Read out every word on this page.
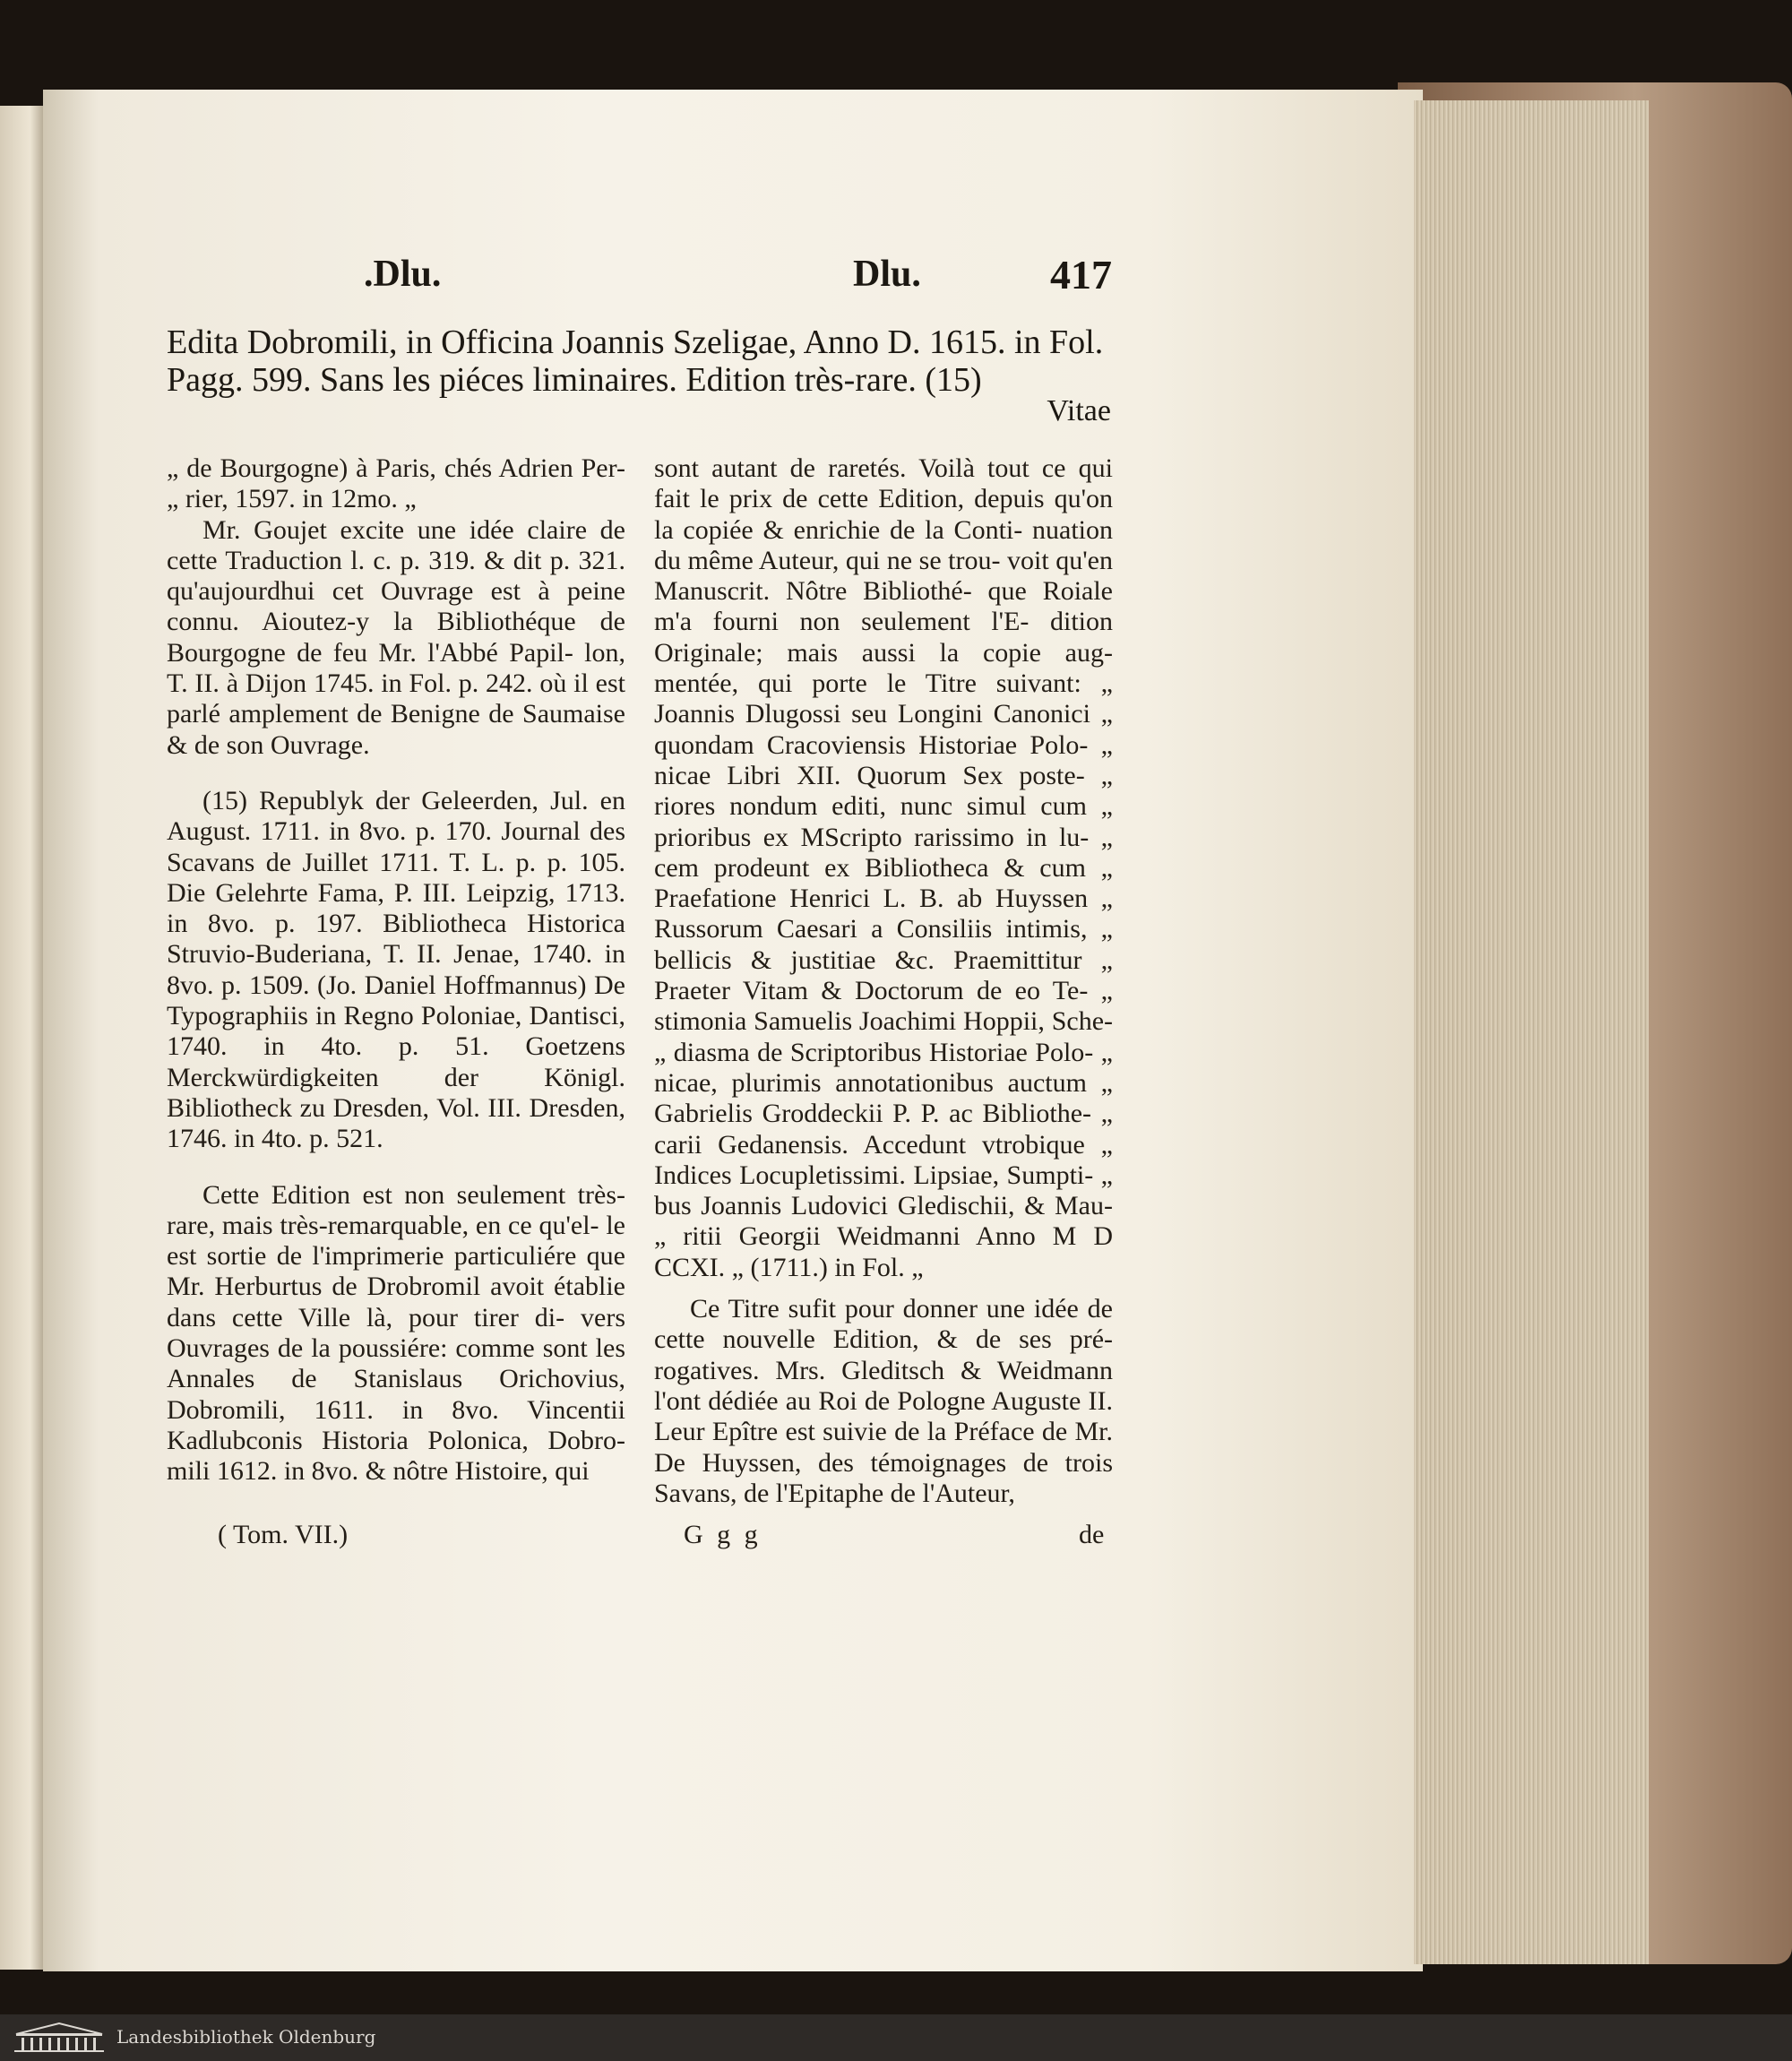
.Dlu.	Dlu.	417
Edita Dobromili, in Officina Joannis Szeligae, Anno D. 1615. in Fol.
Pagg. 599. Sans les piéces liminaires. Edition très-rare. (15)
Vitae

„ de Bourgogne) à Paris, chés Adrien Per- „ rier, 1597. in 12mo. „

Mr. Goujet excite une idée claire de cette Traduction l. c. p. 319. & dit p. 321. qu'aujourdhui cet Ouvrage est à peine connu. Aioutez-y la Bibliothéque de Bourgogne de feu Mr. l'Abbé Papil- lon, T. II. à Dijon 1745. in Fol. p. 242. où il est parlé amplement de Benigne de Saumaise & de son Ouvrage.

(15) Republyk der Geleerden, Jul. en August. 1711. in 8vo. p. 170. Journal des Scavans de Juillet 1711. T. L. p. p. 105. Die Gelehrte Fama, P. III. Leipzig, 1713. in 8vo. p. 197. Bibliotheca Historica Struvio-Buderiana, T. II. Jenae, 1740. in 8vo. p. 1509. (Jo. Daniel Hoffmannus) De Typographiis in Regno Poloniae, Dantisci, 1740. in 4to. p. 51. Goetzens Merckwürdigkeiten der Königl. Bibliotheck zu Dresden, Vol. III. Dresden, 1746. in 4to. p. 521.

Cette Edition est non seulement très-rare, mais très-remarquable, en ce qu'el- le est sortie de l'imprimerie particuliére que Mr. Herburtus de Drobromil avoit établie dans cette Ville là, pour tirer di- vers Ouvrages de la poussiére: comme sont les Annales de Stanislaus Orichovius, Dobromili, 1611. in 8vo. Vincentii Kadlubconis Historia Polonica, Dobro- mili 1612. in 8vo. & nôtre Histoire, qui

( Tom. VII.)

sont autant de raretés. Voilà tout ce qui fait le prix de cette Edition, depuis qu'on la copiée & enrichie de la Conti- nuation du même Auteur, qui ne se trou- voit qu'en Manuscrit. Nôtre Bibliothé- que Roiale m'a fourni non seulement l'E- dition Originale; mais aussi la copie aug- mentée, qui porte le Titre suivant: „ Joannis Dlugossi seu Longini Canonici „ quondam Cracoviensis Historiae Polo- „ nicae Libri XII. Quorum Sex poste- „ riores nondum editi, nunc simul cum „ prioribus ex MScripto rarissimo in lu- „ cem prodeunt ex Bibliotheca & cum „ Praefatione Henrici L. B. ab Huyssen „ Russorum Caesari a Consiliis intimis, „ bellicis & justitiae &c. Praemittitur „ Praeter Vitam & Doctorum de eo Te- „ stimonia Samuelis Joachimi Hoppii, Sche- „ diasma de Scriptoribus Historiae Polo- „ nicae, plurimis annotationibus auctum „ Gabrielis Groddeckii P. P. ac Bibliothe- „ carii Gedanensis. Accedunt vtrobique „ Indices Locupletissimi. Lipsiae, Sumpti- „ bus Joannis Ludovici Gledischii, & Mau- „ ritii Georgii Weidmanni Anno M D CCXI. „ (1711.) in Fol. „

Ce Titre sufit pour donner une idée de cette nouvelle Edition, & de ses pré- rogatives. Mrs. Gleditsch & Weidmann l'ont dédiée au Roi de Pologne Auguste II. Leur Epître est suivie de la Préface de Mr. De Huyssen, des témoignages de trois Savans, de l'Epitaphe de l'Auteur,

G g g	de
Landesbibliothek Oldenburg
